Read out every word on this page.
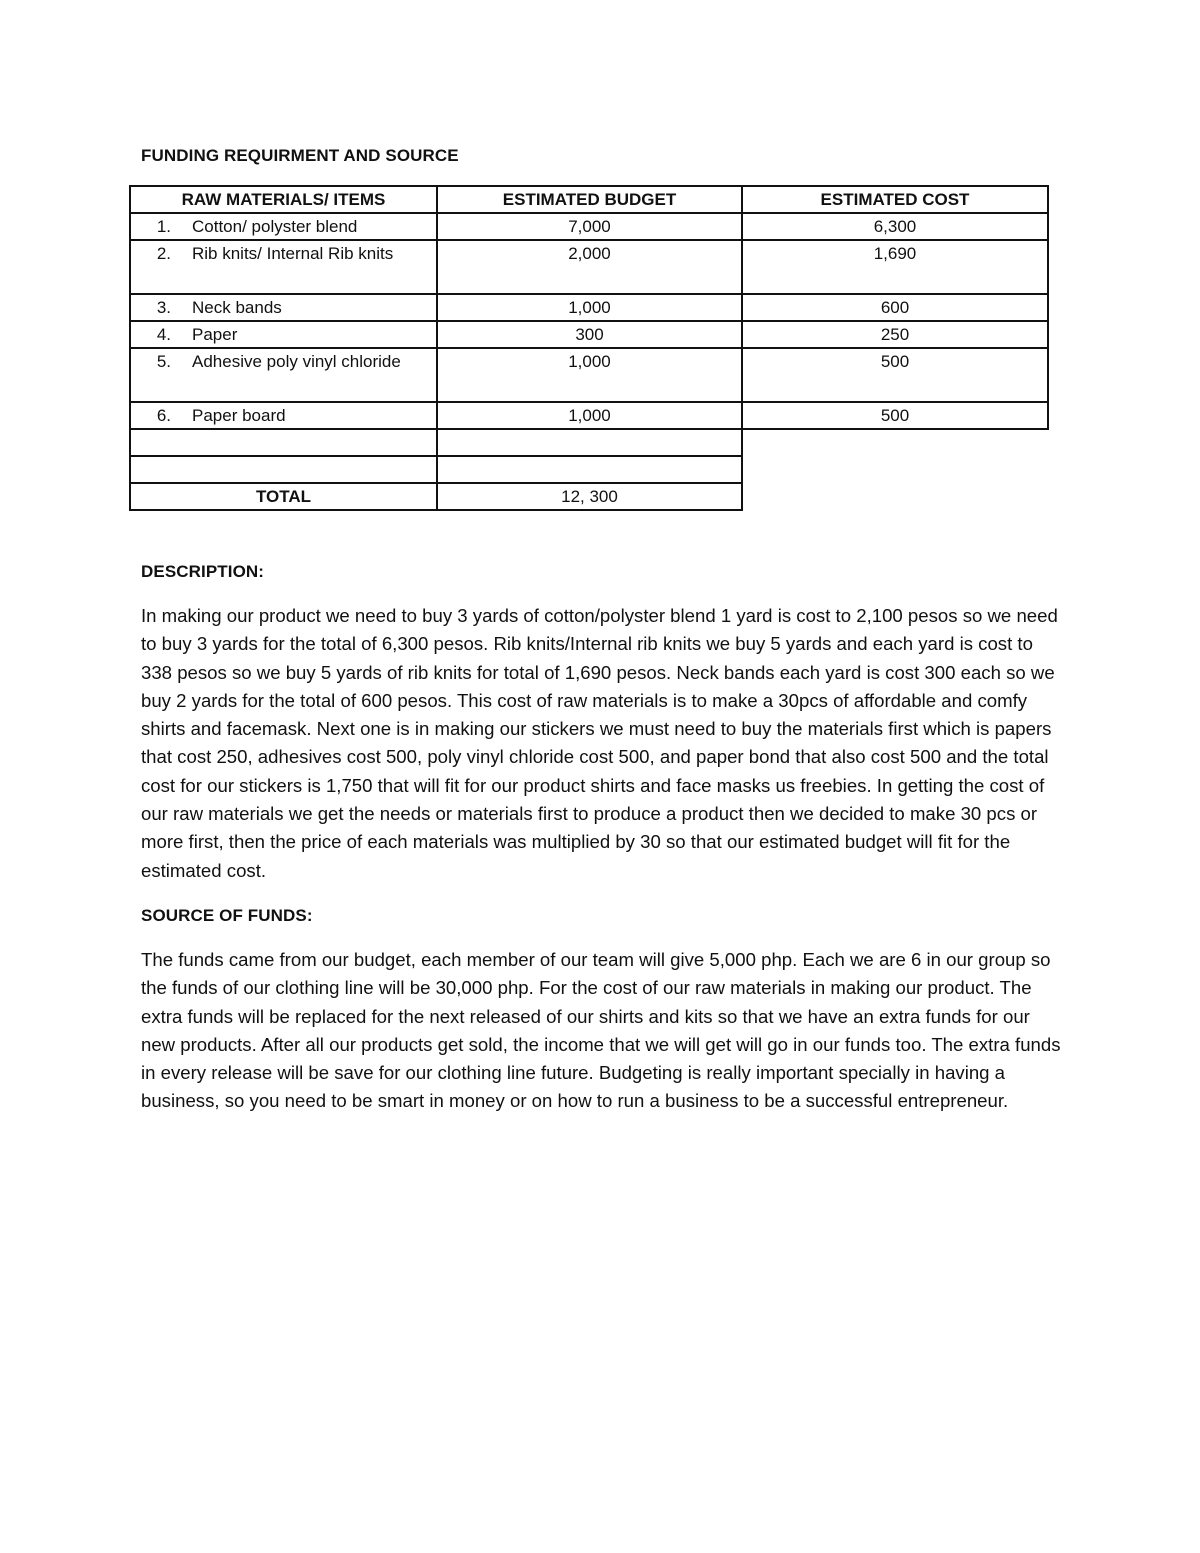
FUNDING REQUIRMENT AND SOURCE
RAW MATERIALS/ ITEMS	ESTIMATED BUDGET	ESTIMATED COST

1. Cotton/ polyster blend	7,000	6,300

2. Rib knits/ Internal Rib knits	2,000	1,690

3. Neck bands	1,000	600

4. Paper	300	250

5. Adhesive poly vinyl chloride	1,000	500

6. Paper board	1,000	500

TOTAL	12, 300	
DESCRIPTION:
In making our product we need to buy 3 yards of cotton/polyster blend 1 yard is cost to 2,100 pesos so we need to buy 3 yards for the total of 6,300 pesos. Rib knits/Internal rib knits we buy 5 yards and each yard is cost to 338 pesos so we buy 5 yards of rib knits for total of 1,690 pesos. Neck bands each yard is cost 300 each so we buy 2 yards for the total of 600 pesos. This cost of raw materials is to make a 30pcs of affordable and comfy shirts and facemask. Next one is in making our stickers we must need to buy the materials first which is papers that cost 250, adhesives cost 500, poly vinyl chloride cost 500, and paper bond that also cost 500 and the total cost for our stickers is 1,750 that will fit for our product shirts and face masks us freebies. In getting the cost of our raw materials we get the needs or materials first to produce a product then we decided to make 30 pcs or more first, then the price of each materials was multiplied by 30 so that our estimated budget will fit for the estimated cost.
SOURCE OF FUNDS:
The funds came from our budget, each member of our team will give 5,000 php. Each we are 6 in our group so the funds of our clothing line will be 30,000 php. For the cost of our raw materials in making our product. The extra funds will be replaced for the next released of our shirts and kits so that we have an extra funds for our new products. After all our products get sold, the income that we will get will go in our funds too. The extra funds in every release will be save for our clothing line future. Budgeting is really important specially in having a business, so you need to be smart in money or on how to run a business to be a successful entrepreneur.
